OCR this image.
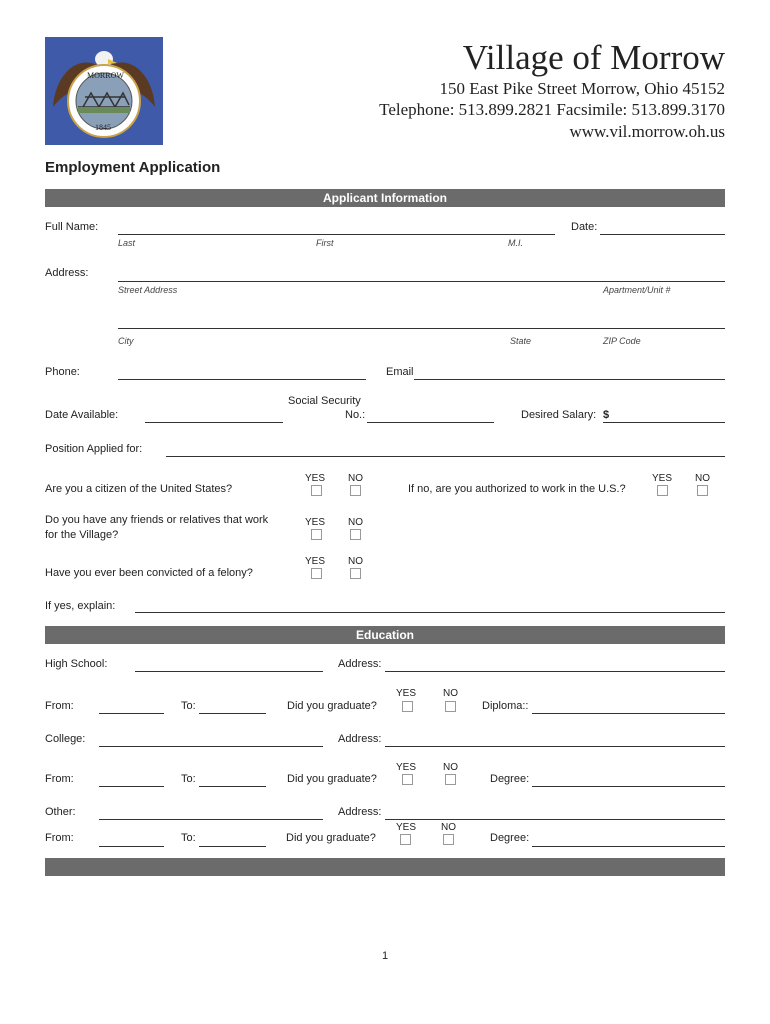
MORROW
1845
Village of Morrow
150 East Pike Street Morrow, Ohio 45152
Telephone: 513.899.2821 Facsimile: 513.899.3170
www.vil.morrow.oh.us
Employment Application
Applicant Information
Full Name:	Date:
Last	First	M.I.
Address:
Street Address	Apartment/Unit #
City	State	ZIP Code
Phone:	Email
Social Security
Date Available:	No.:	Desired Salary: $
Position Applied for:
YES NO
Are you a citizen of the United States?
YES NO
If no, are you authorized to work in the U.S.?
Do you have any friends or relatives that work
for the Village?
YES NO
YES NO
Have you ever been convicted of a felony?
If yes, explain:
Education
High School:	Address:
YES	NO
From:	To:	Did you graduate?	Diploma::
College:	Address:
YES	NO
From:	To:	Did you graduate?	Degree:
Other:	Address:
YES NO
From:	To:	Did you graduate?	Degree:
1
